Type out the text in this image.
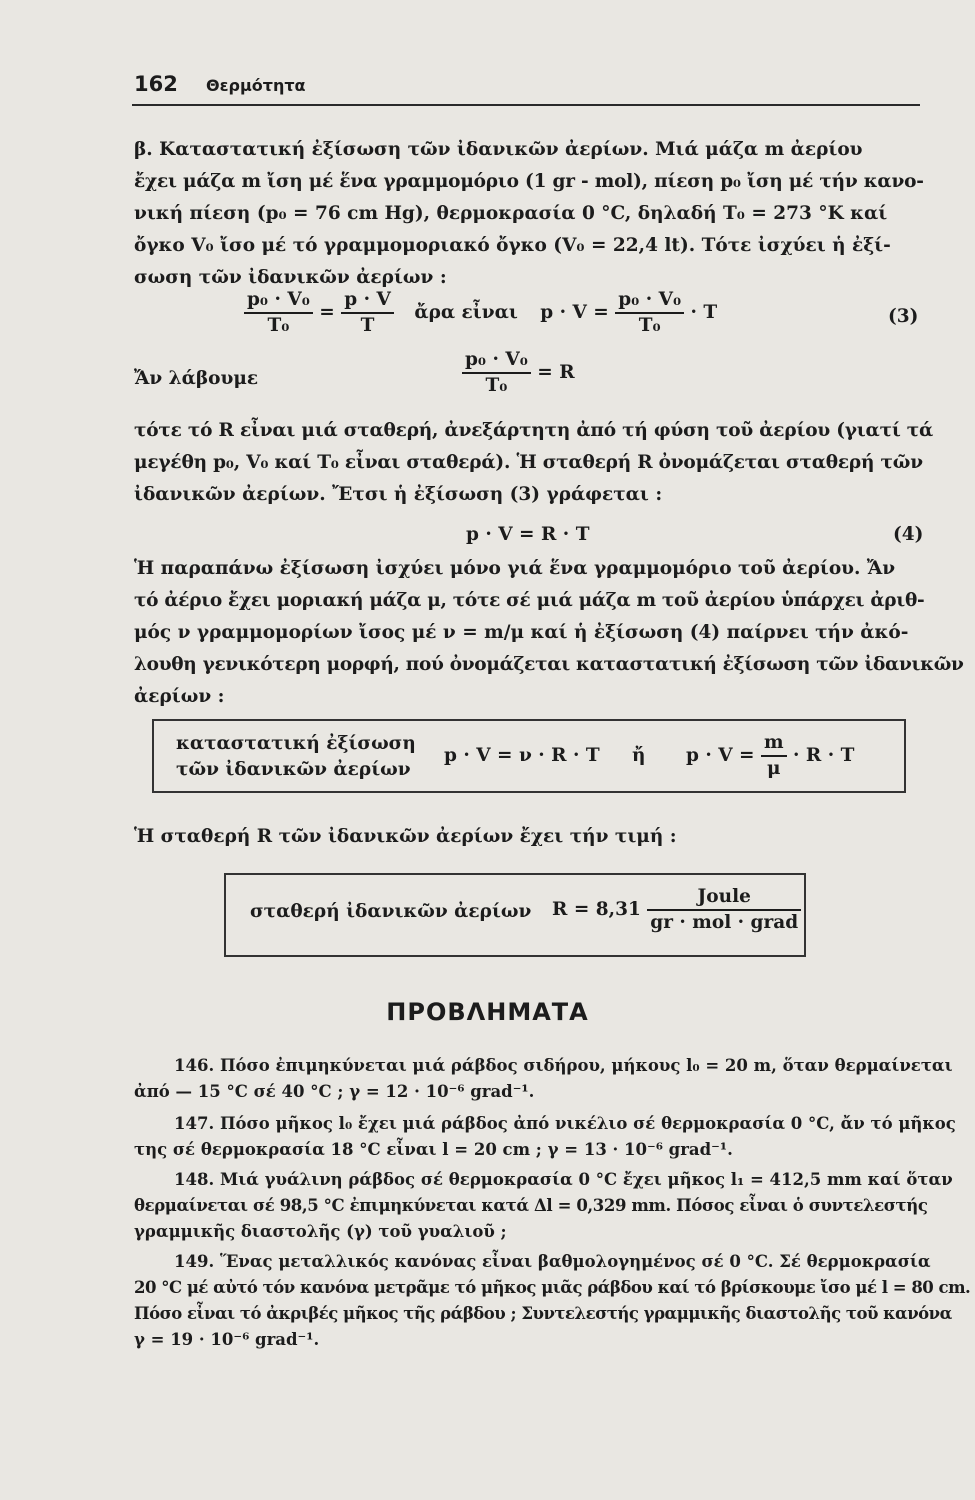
162 Θερμότητα
β. Καταστατική ἐξίσωση τῶν ἰδανικῶν ἀερίων. Μιά μάζα m ἀερίου
ἔχει μάζα m ἴση μέ ἕνα γραμμομόριο (1 gr - mol), πίεση p₀ ἴση μέ τήν κανο-
νική πίεση (p₀ = 76 cm Hg), θερμοκρασία 0 °C, δηλαδή T₀ = 273 °K καί
ὄγκο V₀ ἴσο μέ τό γραμμομοριακό ὄγκο (V₀ = 22,4 lt). Τότε ἰσχύει ἡ ἐξί-
σωση τῶν ἰδανικῶν ἀερίων :
$\frac{\text{p₀ · V₀}}{\text{T₀}} = \frac{p \cdot V}{T}$ ἄρα εἶναι $p \cdot V = \frac{\text{p₀ · V₀}}{\text{T₀}} \cdot T$	(3)
Ἄν λάβουμε	$\frac{\text{p₀ · V₀}}{\text{T₀}} = R$
τότε τό R εἶναι μιά σταθερή, ἀνεξάρτητη ἀπό τή φύση τοῦ ἀερίου (γιατί τά
μεγέθη p₀, V₀ καί T₀ εἶναι σταθερά). Ἡ σταθερή R ὀνομάζεται σταθερή τῶν
ἰδανικῶν ἀερίων. Ἔτσι ἡ ἐξίσωση (3) γράφεται :
p · V = R · T	(4)
Ἡ παραπάνω ἐξίσωση ἰσχύει μόνο γιά ἕνα γραμμομόριο τοῦ ἀερίου. Ἄν
τό ἀέριο ἔχει μοριακή μάζα μ, τότε σέ μιά μάζα m τοῦ ἀερίου ὑπάρχει ἀριθ-
μός ν γραμμομορίων ἴσος μέ ν = m/μ καί ἡ ἐξίσωση (4) παίρνει τήν ἀκό-
λουθη γενικότερη μορφή, πού ὀνομάζεται καταστατική ἐξίσωση τῶν ἰδανικῶν
ἀερίων :
καταστατική ἐξίσωση
τῶν ἰδανικῶν ἀερίων
p · V = ν · R · T ἤ $p \cdot V = \frac{m}{\mu} \cdot R \cdot T$
Ἡ σταθερή R τῶν ἰδανικῶν ἀερίων ἔχει τήν τιμή :
σταθερή ἰδανικῶν ἀερίων $R = 8,31 \frac{\text{Joule}}{\text{gr · mol · grad}}$
ΠΡΟΒΛΗΜΑΤΑ
146. Πόσο ἐπιμηκύνεται μιά ράβδος σιδήρου, μήκους l₀ = 20 m, ὅταν θερμαίνεται
ἀπό — 15 °C σέ 40 °C ; γ = 12 · 10⁻⁶ grad⁻¹.
147. Πόσο μῆκος l₀ ἔχει μιά ράβδος ἀπό νικέλιο σέ θερμοκρασία 0 °C, ἄν τό μῆκος
της σέ θερμοκρασία 18 °C εἶναι l = 20 cm ; γ = 13 · 10⁻⁶ grad⁻¹.
148. Μιά γυάλινη ράβδος σέ θερμοκρασία 0 °C ἔχει μῆκος l₁ = 412,5 mm καί ὅταν
θερμαίνεται σέ 98,5 °C ἐπιμηκύνεται κατά Δl = 0,329 mm. Πόσος εἶναι ὁ συντελεστής
γραμμικῆς διαστολῆς (γ) τοῦ γυαλιοῦ ;
149. Ἕνας μεταλλικός κανόνας εἶναι βαθμολογημένος σέ 0 °C. Σέ θερμοκρασία
20 °C μέ αὐτό τόν κανόνα μετρᾶμε τό μῆκος μιᾶς ράβδου καί τό βρίσκουμε ἴσο μέ l = 80 cm.
Πόσο εἶναι τό ἀκριβές μῆκος τῆς ράβδου ; Συντελεστής γραμμικῆς διαστολῆς τοῦ κανόνα
γ = 19 · 10⁻⁶ grad⁻¹.
